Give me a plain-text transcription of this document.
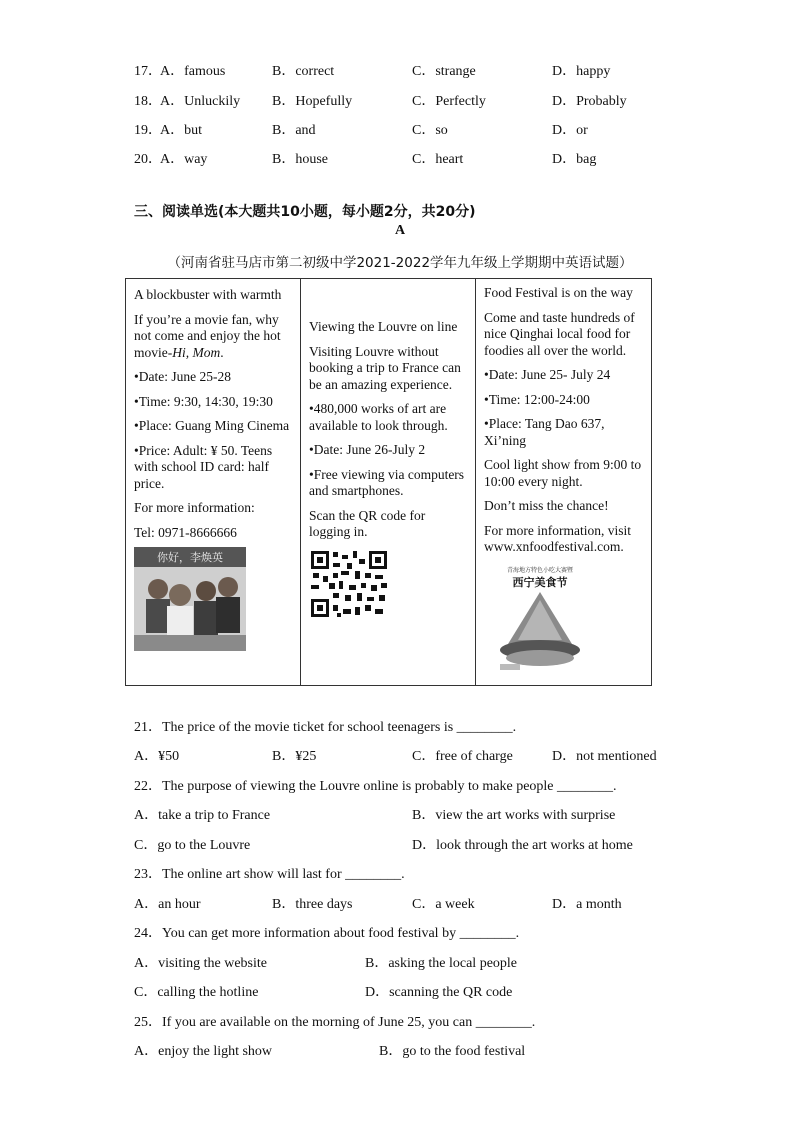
17．
A．famous	B．correct	C．strange	D．happy
18．
A．Unluckily B．Hopefully	C．Perfectly	D．Probably
19．
A．but	B．and	C．so	D．or
20．
A．way	B．house	C．heart	D．bag
三、阅读单选(本大题共10小题，每小题2分，共20分)
A
（河南省驻马店市第二初级中学2021-2022学年九年级上学期期中英语试题）

A blockbuster with warmth

If you’re a movie fan, why not come and enjoy the hot movie-Hi, Mom.

•Date: June 25-28

•Time: 9:30, 14:30, 19:30

•Place: Guang Ming Cinema

•Price: Adult: ¥ 50. Teens with school ID card: half price.

For more information:

Tel: 0971-8666666

你好，李焕英

Viewing the Louvre on line

Visiting Louvre without booking a trip to France can be an amazing experience.

•480,000 works of art are available to look through.

•Date: June 26-July 2

•Free viewing via computers and smartphones.

Scan the QR code for logging in.

Food Festival is on the way

Come and taste hundreds of nice Qinghai local food for foodies all over the world.

•Date: June 25- July 24

•Time: 12:00-24:00

•Place: Tang Dao 637, Xi’ning

Cool light show from 9:00 to 10:00 every night.

Don’t miss the chance!

For more information, visit www.xnfoodfestival.com.

青海地方特色小吃大赛暨
西宁美食节
21．The price of the movie ticket for school teenagers is ________.
A．¥50	B．¥25	C．free of charge	D．not mentioned
22．The purpose of viewing the Louvre online is probably to make people ________.
A．take a trip to France	B．view the art works with surprise
C．go to the Louvre	D．look through the art works at home
23．The online art show will last for ________.
A．an hour	B．three days	C．a week	D．a month
24．You can get more information about food festival by ________.
A．visiting the website	B．asking the local people
C．calling the hotline	D．scanning the QR code
25．If you are available on the morning of June 25, you can ________.
A．enjoy the light show	B．go to the food festival
